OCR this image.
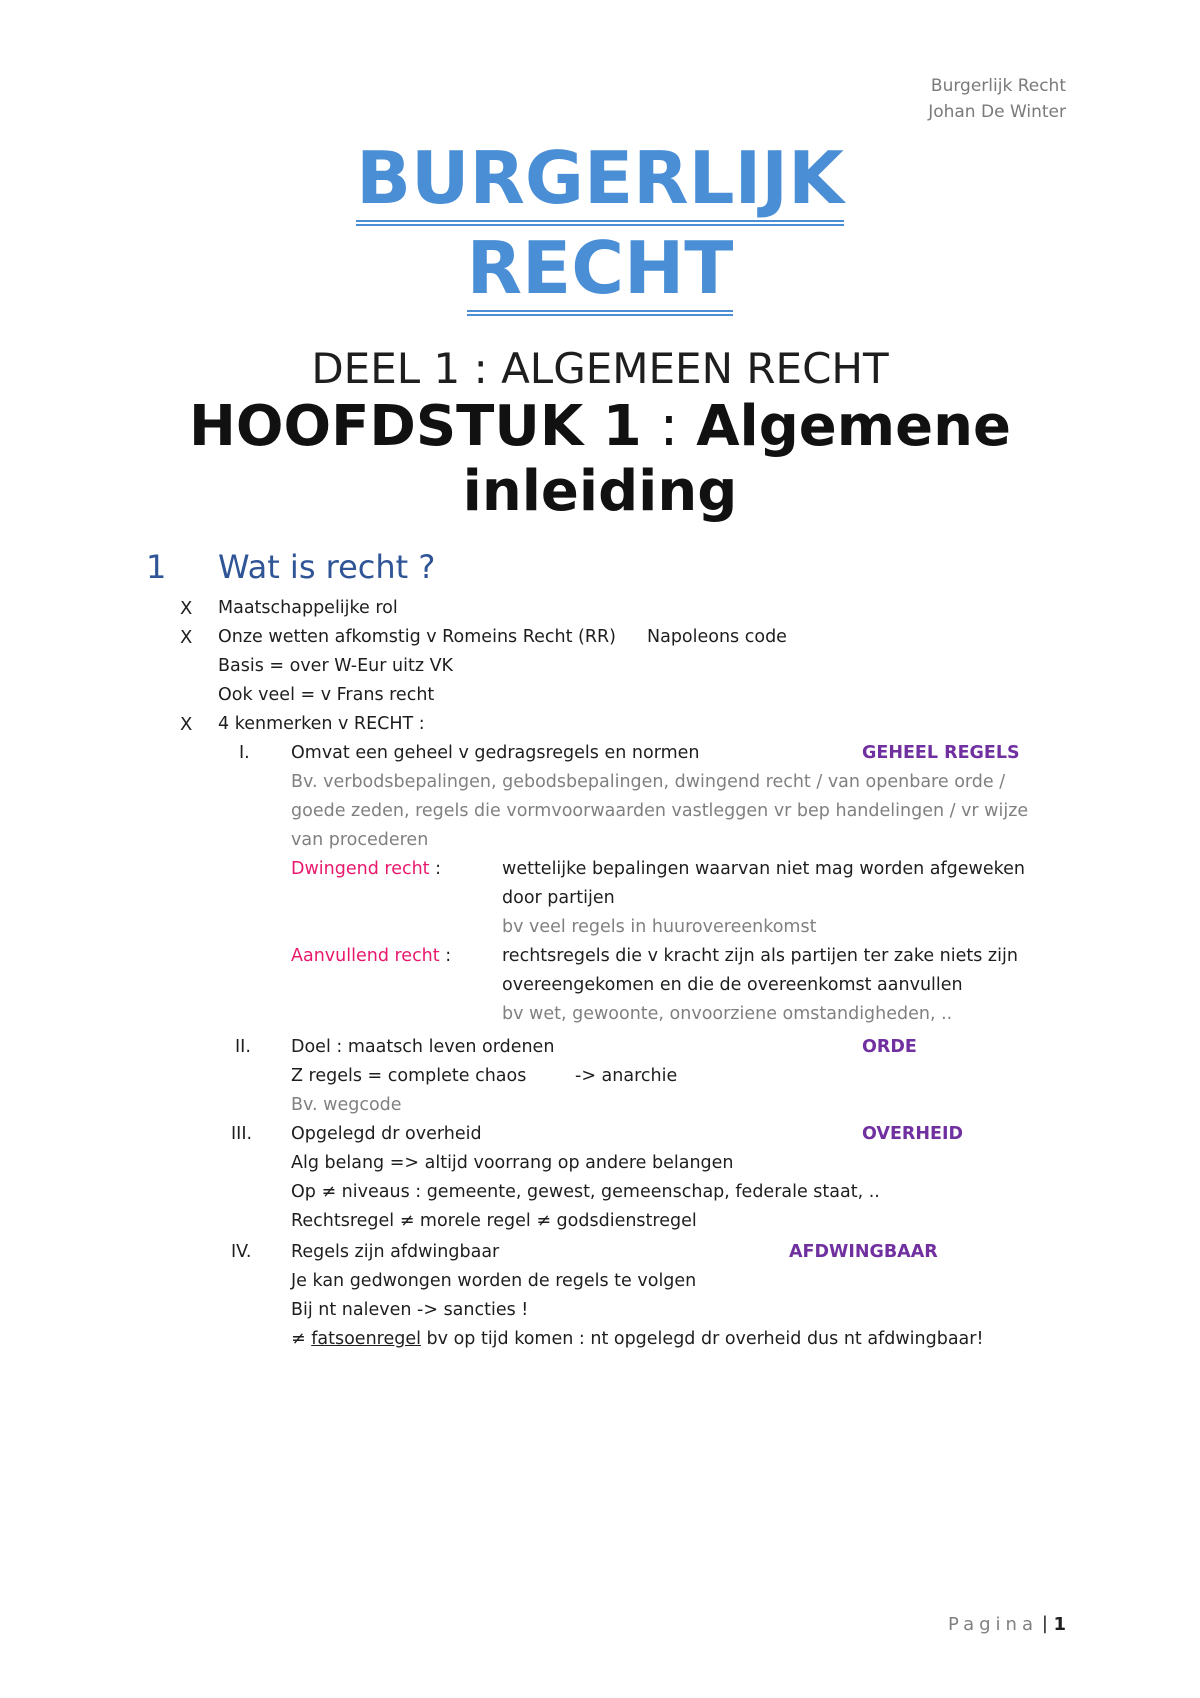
Burgerlijk Recht
Johan De Winter
BURGERLIJK
RECHT
DEEL 1 : ALGEMEEN RECHT
HOOFDSTUK 1 : Algemene
inleiding
1 Wat is recht ?
X Maatschappelijke rol
X Onze wetten afkomstig v Romeins Recht (RR) Napoleons code
Basis = over W-Eur uitz VK
Ook veel = v Frans recht
X 4 kenmerken v RECHT :
I. Omvat een geheel v gedragsregels en normen	GEHEEL REGELS
Bv. verbodsbepalingen, gebodsbepalingen, dwingend recht / van openbare orde /
goede zeden, regels die vormvoorwaarden vastleggen vr bep handelingen / vr wijze
van procederen
Dwingend recht :	wettelijke bepalingen waarvan niet mag worden afgeweken
door partijen
bv veel regels in huurovereenkomst
Aanvullend recht :	rechtsregels die v kracht zijn als partijen ter zake niets zijn
overeengekomen en die de overeenkomst aanvullen
bv wet, gewoonte, onvoorziene omstandigheden, ..
II. Doel : maatsch leven ordenen	ORDE
Z regels = complete chaos	-> anarchie
Bv. wegcode
III. Opgelegd dr overheid	OVERHEID
Alg belang => altijd voorrang op andere belangen
Op ≠ niveaus : gemeente, gewest, gemeenschap, federale staat, ..
Rechtsregel ≠ morele regel ≠ godsdienstregel
IV. Regels zijn afdwingbaar	AFDWINGBAAR
Je kan gedwongen worden de regels te volgen
Bij nt naleven -> sancties !
≠ fatsoenregel bv op tijd komen : nt opgelegd dr overheid dus nt afdwingbaar!
Pagina | 1
